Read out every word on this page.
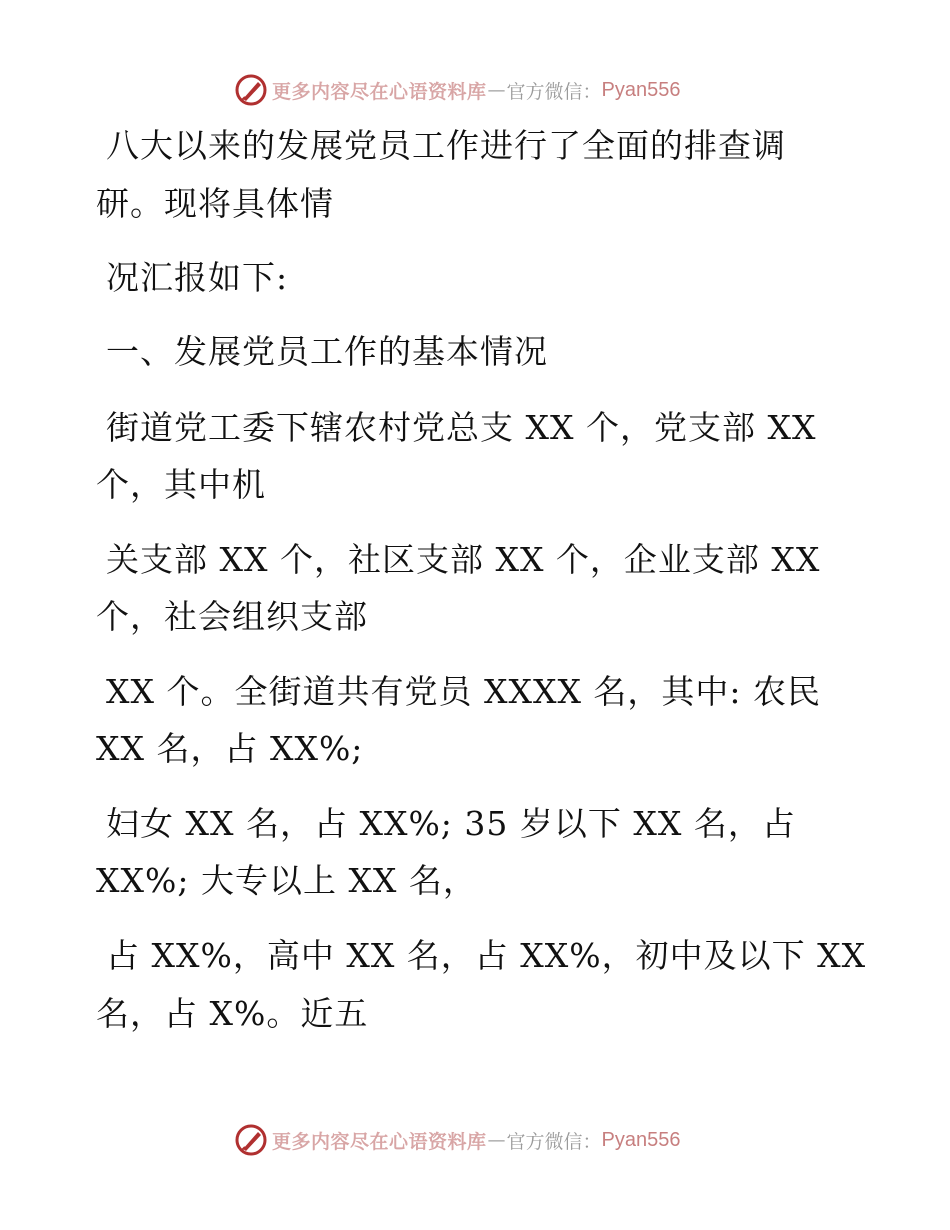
更多内容尽在心语资料库 — 官方微信： Pyan556
八大以来的发展党员工作进行了全面的排查调
研。现将具体情
况汇报如下:
一、发展党员工作的基本情况
街道党工委下辖农村党总支 XX 个，党支部 XX
个，其中机
关支部 XX 个，社区支部 XX 个，企业支部 XX
个，社会组织支部
XX 个。全街道共有党员 XXXX 名，其中: 农民
XX 名，占 XX%;
妇女 XX 名，占 XX%; 35 岁以下 XX 名，占
XX%; 大专以上 XX 名，
占 XX%，高中 XX 名，占 XX%，初中及以下 XX
名，占 X%。近五
更多内容尽在心语资料库 — 官方微信： Pyan556
